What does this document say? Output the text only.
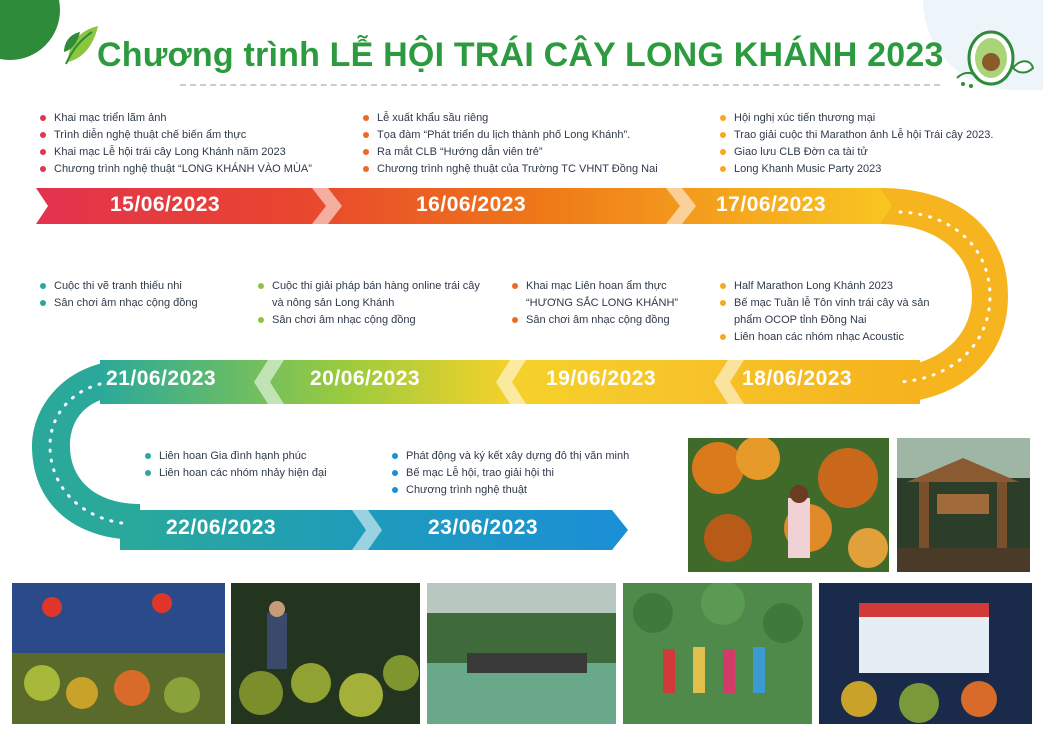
Chương trình LỄ HỘI TRÁI CÂY LONG KHÁNH 2023
Khai mạc triển lãm ảnh
Trình diễn nghệ thuật chế biến ẩm thực
Khai mạc Lễ hội trái cây Long Khánh năm 2023
Chương trình nghệ thuật “LONG KHÁNH VÀO MÙA”
Lễ xuất khẩu sầu riêng
Tọa đàm “Phát triển du lịch thành phố Long Khánh”.
Ra mắt CLB “Hướng dẫn viên trẻ”
Chương trình nghệ thuật của Trường TC VHNT Đồng Nai
Hội nghị xúc tiến thương mại
Trao giải cuộc thi Marathon ảnh Lễ hội Trái cây 2023.
Giao lưu CLB Đờn ca tài tử
Long Khanh Music Party 2023
15/06/2023	16/06/2023	17/06/2023
18/06/2023
19/06/2023
20/06/2023
21/06/2023
22/06/2023	23/06/2023
Cuộc thi vẽ tranh thiếu nhi
Sân chơi âm nhạc cộng đồng
Cuộc thi giải pháp bán hàng online trái cây và nông sản Long Khánh
Sân chơi âm nhạc cộng đồng
Khai mạc Liên hoan ẩm thực “HƯƠNG SẮC LONG KHÁNH”
Sân chơi âm nhạc cộng đồng
Half Marathon Long Khánh 2023
Bế mạc Tuần lễ Tôn vinh trái cây và sản phẩm OCOP tỉnh Đồng Nai
Liên hoan các nhóm nhạc Acoustic
Liên hoan Gia đình hạnh phúc
Liên hoan các nhóm nhảy hiện đại
Phát động và ký kết xây dựng đô thị văn minh
Bế mạc Lễ hội, trao giải hội thi
Chương trình nghệ thuật
